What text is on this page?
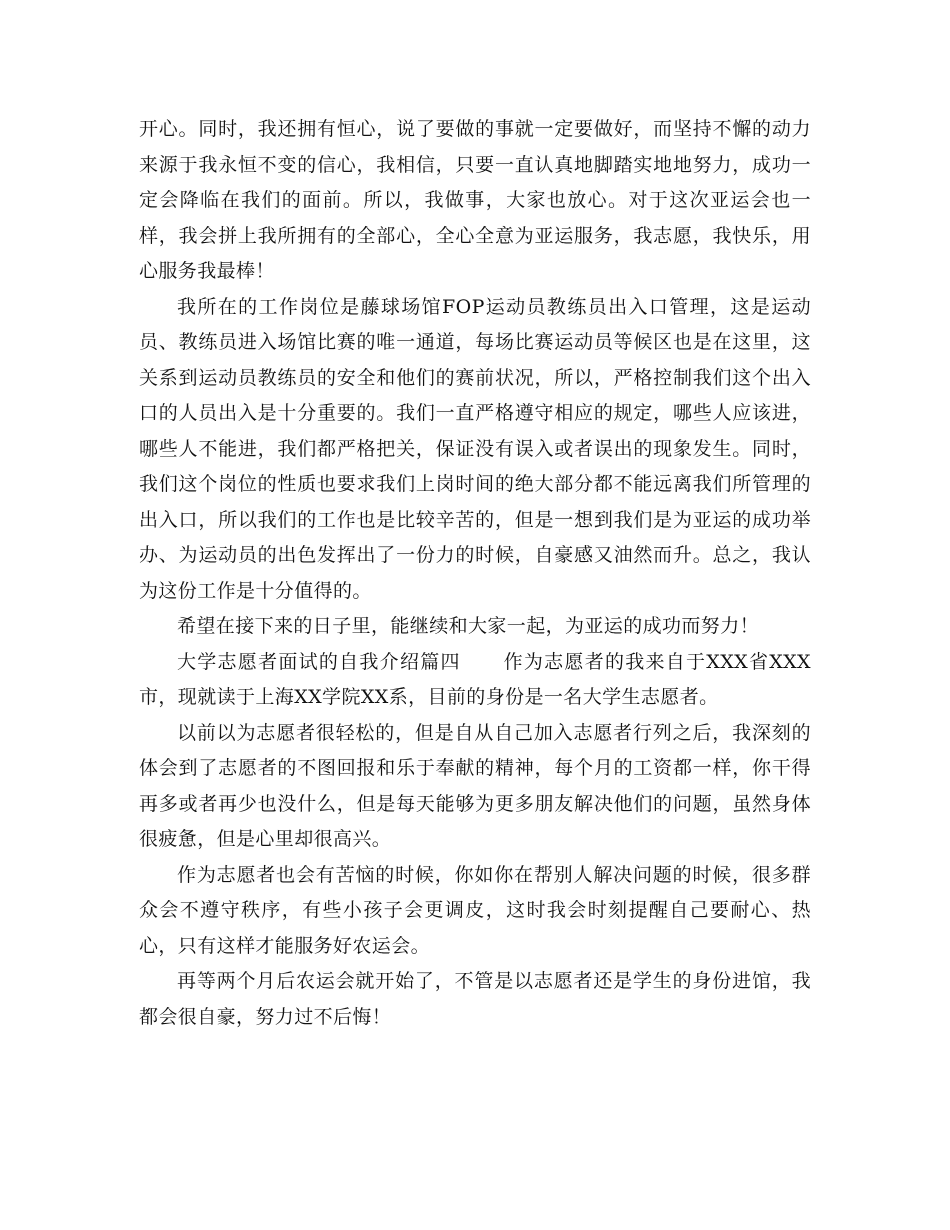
开心。同时，我还拥有恒心，说了要做的事就一定要做好，而坚持不懈的动力来源于我永恒不变的信心，我相信，只要一直认真地脚踏实地地努力，成功一定会降临在我们的面前。所以，我做事，大家也放心。对于这次亚运会也一样，我会拼上我所拥有的全部心，全心全意为亚运服务，我志愿，我快乐，用心服务我最棒！

我所在的工作岗位是藤球场馆FOP运动员教练员出入口管理，这是运动员、教练员进入场馆比赛的唯一通道，每场比赛运动员等候区也是在这里，这关系到运动员教练员的安全和他们的赛前状况，所以，严格控制我们这个出入口的人员出入是十分重要的。我们一直严格遵守相应的规定，哪些人应该进，哪些人不能进，我们都严格把关，保证没有误入或者误出的现象发生。同时，我们这个岗位的性质也要求我们上岗时间的绝大部分都不能远离我们所管理的出入口，所以我们的工作也是比较辛苦的，但是一想到我们是为亚运的成功举办、为运动员的出色发挥出了一份力的时候，自豪感又油然而升。总之，我认为这份工作是十分值得的。

希望在接下来的日子里，能继续和大家一起，为亚运的成功而努力！

大学志愿者面试的自我介绍篇四 作为志愿者的我来自于XXX省XXX市，现就读于上海XX学院XX系，目前的身份是一名大学生志愿者。

以前以为志愿者很轻松的，但是自从自己加入志愿者行列之后，我深刻的体会到了志愿者的不图回报和乐于奉献的精神，每个月的工资都一样，你干得再多或者再少也没什么，但是每天能够为更多朋友解决他们的问题，虽然身体很疲惫，但是心里却很高兴。

作为志愿者也会有苦恼的时候，你如你在帮别人解决问题的时候，很多群众会不遵守秩序，有些小孩子会更调皮，这时我会时刻提醒自己要耐心、热心，只有这样才能服务好农运会。

再等两个月后农运会就开始了，不管是以志愿者还是学生的身份进馆，我都会很自豪，努力过不后悔！
